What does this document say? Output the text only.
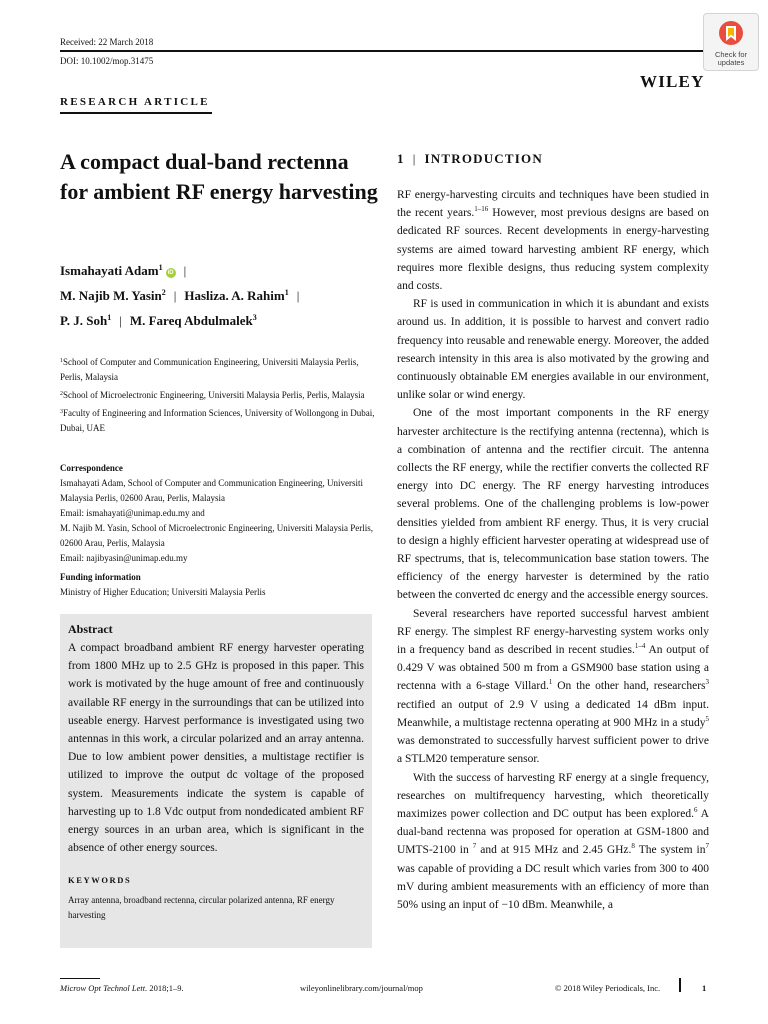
Received: 22 March 2018
DOI: 10.1002/mop.31475
Check for
updates
WILEY
RESEARCH ARTICLE
A compact dual-band rectenna for ambient RF energy harvesting
Ismahayati Adam$^1$iD |
M. Najib M. Yasin$^2$ | Hasliza. A. Rahim$^1$ |
P. J. Soh$^1$ | M. Fareq Abdulmalek$^3$

$^1$School of Computer and Communication Engineering, Universiti Malaysia Perlis, Perlis, Malaysia

$^2$School of Microelectronic Engineering, Universiti Malaysia Perlis, Perlis, Malaysia

$^3$Faculty of Engineering and Information Sciences, University of Wollongong in Dubai, Dubai, UAE

Correspondence
Ismahayati Adam, School of Computer and Communication Engineering, Universiti Malaysia Perlis, 02600 Arau, Perlis, Malaysia
Email: ismahayati@unimap.edu.my and
M. Najib M. Yasin, School of Microelectronic Engineering, Universiti Malaysia Perlis, 02600 Arau, Perlis, Malaysia
Email: najibyasin@unimap.edu.my
Funding information
Ministry of Higher Education; Universiti Malaysia Perlis
Abstract
A compact broadband ambient RF energy harvester operating from 1800 MHz up to 2.5 GHz is proposed in this paper. This work is motivated by the huge amount of free and continuously available RF energy in the surroundings that can be utilized into useable energy. Harvest performance is investigated using two antennas in this work, a circular polarized and an array antenna. Due to low ambient power densities, a multistage rectifier is utilized to improve the output dc voltage of the proposed system. Measurements indicate the system is capable of harvesting up to 1.8 Vdc output from nondedicated ambient RF energy sources in an urban area, which is significant in the absence of other energy sources.
KEYWORDS
Array antenna, broadband rectenna, circular polarized antenna, RF energy harvesting
1 | INTRODUCTION

RF energy-harvesting circuits and techniques have been studied in the recent years.$^{1-16}$ However, most previous designs are based on dedicated RF sources. Recent developments in energy-harvesting systems are aimed toward harvesting ambient RF energy, which requires more flexible designs, thus reducing system complexity and costs.

RF is used in communication in which it is abundant and exists around us. In addition, it is possible to harvest and convert radio frequency into reusable and renewable energy. Moreover, the added research intensity in this area is also motivated by the growing and continuously obtainable EM energies available in our environment, unlike solar or wind energy.

One of the most important components in the RF energy harvester architecture is the rectifying antenna (rectenna), which is a combination of antenna and the rectifier circuit. The antenna collects the RF energy, while the rectifier converts the collected RF energy into DC energy. The RF energy harvesting introduces several problems. One of the challenging problems is low-power densities yielded from ambient RF energy. Thus, it is very crucial to design a highly efficient harvester operating at widespread use of RF spectrums, that is, telecommunication base station towers. The efficiency of the energy harvester is determined by the ratio between the converted dc energy and the accessible energy sources.

Several researchers have reported successful harvest ambient RF energy. The simplest RF energy-harvesting system works only in a frequency band as described in recent studies.$^{1-4}$ An output of 0.429 V was obtained 500 m from a GSM900 base station using a rectenna with a 6-stage Villard.$^1$ On the other hand, researchers$^3$ rectified an output of 2.9 V using a dedicated 14 dBm input. Meanwhile, a multistage rectenna operating at 900 MHz in a study$^5$ was demonstrated to successfully harvest sufficient power to drive a STLM20 temperature sensor.

With the success of harvesting RF energy at a single frequency, researches on multifrequency harvesting, which theoretically maximizes power collection and DC output has been explored.$^6$ A dual-band rectenna was proposed for operation at GSM-1800 and UMTS-2100 in $^7$ and at 915 MHz and 2.45 GHz.$^8$ The system $in^7$ was capable of providing a DC result which varies from 300 to 400 mV during ambient measurements with an efficiency of more than 50% using an input of −10 dBm. Meanwhile, a

Microw Opt Technol Lett. 2018;1–9.	wileyonlinelibrary.com/journal/mop	© 2018 Wiley Periodicals, Inc.	1
